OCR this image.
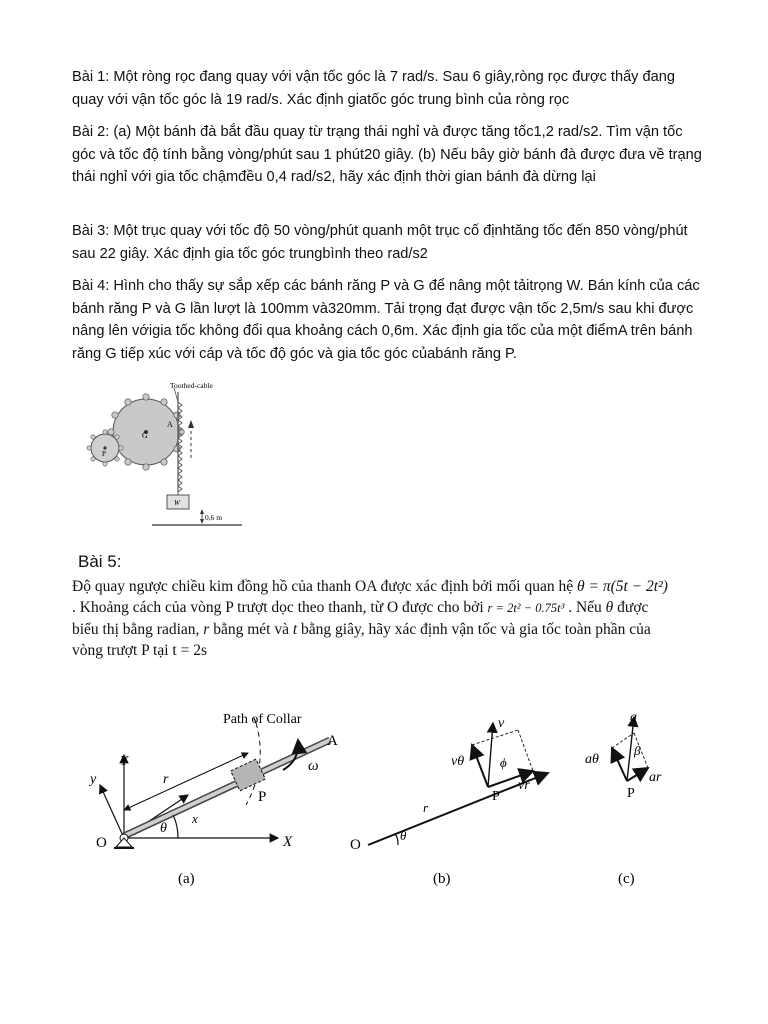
Bài 1: Một ròng rọc đang quay với vận tốc góc là 7 rad/s. Sau 6 giây,ròng rọc được thấy đang quay với vận tốc góc là 19 rad/s. Xác định giatốc góc trung bình của ròng rọc

Bài 2: (a) Một bánh đà bắt đầu quay từ trạng thái nghỉ và được tăng tốc1,2 rad/s2. Tìm vận tốc góc và tốc độ tính bằng vòng/phút sau 1 phút20 giây. (b) Nếu bây giờ bánh đà được đưa về trạng thái nghỉ với gia tốc chậmđều 0,4 rad/s2, hãy xác định thời gian bánh đà dừng lại

Bài 3: Một trục quay với tốc độ 50 vòng/phút quanh một trục cố địnhtăng tốc đến 850 vòng/phút sau 22 giây. Xác định gia tốc góc trungbình theo rad/s2

Bài 4: Hình cho thấy sự sắp xếp các bánh răng P và G để nâng một tảitrọng W. Bán kính của các bánh răng P và G lần lượt là 100mm và320mm. Tải trọng đạt được vận tốc 2,5m/s sau khi được nâng lên vớigia tốc không đổi qua khoảng cách 0,6m. Xác định gia tốc của một điểmA trên bánh răng G tiếp xúc với cáp và tốc độ góc và gia tốc góc củabánh răng P.

Toothed-cable
G
P
A
W
0,6 m
Bài 5:
Độ quay ngược chiều kim đồng hồ của thanh OA được xác định bởi mối quan hệ θ = π(5t − 2t²)
. Khoảng cách của vòng P trượt dọc theo thanh, từ O được cho bởi r = 2t² − 0.75t³ . Nếu θ được
biểu thị bằng radian, r bằng mét và t bằng giây, hãy xác định vận tốc và gia tốc toàn phần của
vòng trượt P tại t = 2s
Path of Collar
A
ω
Y
y	r
x
P
O
θ
X
(a)
O
θ
r
P
v
vθ	ϕ
vr
(b)
a
aθ
β
ar
P
(c)
